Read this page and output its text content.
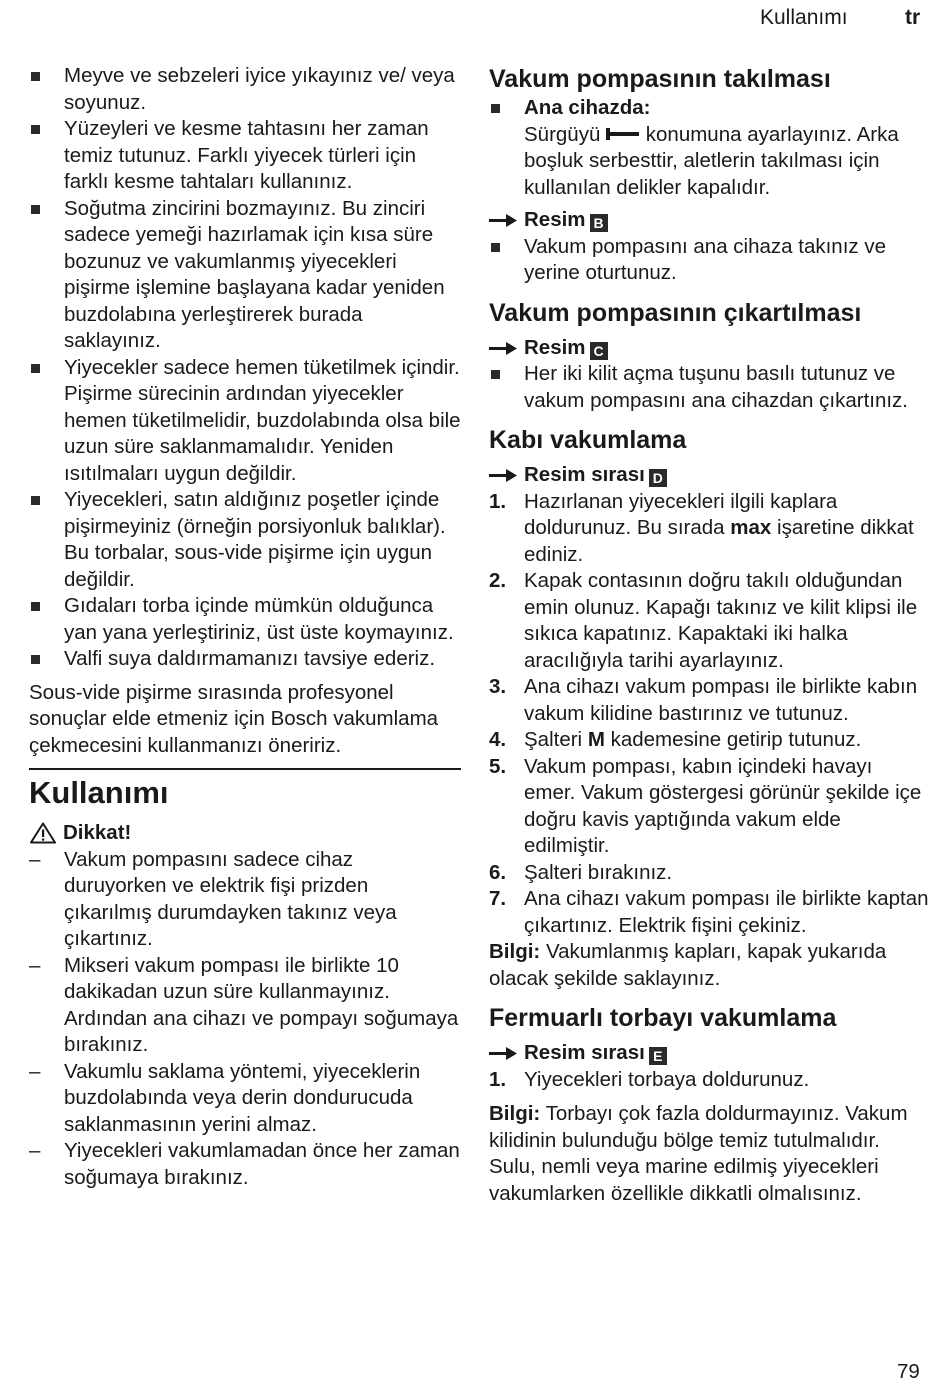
Kullanımı	tr
Meyve ve sebzeleri iyice yıkayınız ve/ veya soyunuz.
Yüzeyleri ve kesme tahtasını her zaman temiz tutunuz. Farklı yiyecek türleri için farklı kesme tahtaları kullanınız.
Soğutma zincirini bozmayınız. Bu zinciri sadece yemeği hazırlamak için kısa süre bozunuz ve vakumlanmış yiyecekleri pişirme işlemine başlayana kadar yeniden buzdolabına yerleştirerek burada saklayınız.
Yiyecekler sadece hemen tüketilmek içindir. Pişirme sürecinin ardından yiyecekler hemen tüketilmelidir, buzdolabında olsa bile uzun süre saklanmamalıdır. Yeniden ısıtılmaları uygun değildir.
Yiyecekleri, satın aldığınız poşetler içinde pişirmeyiniz (örneğin porsiyonluk balıklar). Bu torbalar, sous-vide pişirme için uygun değildir.
Gıdaları torba içinde mümkün olduğunca yan yana yerleştiriniz, üst üste koymayınız.
Valfi suya daldırmamanızı tavsiye ederiz.
Sous-vide pişirme sırasında profesyonel sonuçlar elde etmeniz için Bosch vakumlama çekmecesini kullanmanızı öneririz.
Kullanımı
Dikkat!
– Vakum pompasını sadece cihaz duruyorken ve elektrik fişi prizden çıkarılmış durumdayken takınız veya çıkartınız.
– Mikseri vakum pompası ile birlikte 10 dakikadan uzun süre kullanmayınız. Ardından ana cihazı ve pompayı soğumaya bırakınız.
– Vakumlu saklama yöntemi, yiyeceklerin buzdolabında veya derin dondurucuda saklanmasının yerini almaz.
– Yiyecekleri vakumlamadan önce her zaman soğumaya bırakınız.
Vakum pompasının takılması
Ana cihazda:
Sürgüyü konumuna ayarlayınız. Arka boşluk serbesttir, aletlerin takılması için kullanılan delikler kapalıdır.
Resim B
Vakum pompasını ana cihaza takınız ve yerine oturtunuz.
Vakum pompasının çıkartılması
Resim C
Her iki kilit açma tuşunu basılı tutunuz ve vakum pompasını ana cihazdan çıkartınız.
Kabı vakumlama
Resim sırası D
1. Hazırlanan yiyecekleri ilgili kaplara doldurunuz. Bu sırada max işaretine dikkat ediniz.
2. Kapak contasının doğru takılı olduğundan emin olunuz. Kapağı takınız ve kilit klipsi ile sıkıca kapatınız. Kapaktaki iki halka aracılığıyla tarihi ayarlayınız.
3. Ana cihazı vakum pompası ile birlikte kabın vakum kilidine bastırınız ve tutunuz.
4. Şalteri M kademesine getirip tutunuz.
5. Vakum pompası, kabın içindeki havayı emer. Vakum göstergesi görünür şekilde içe doğru kavis yaptığında vakum elde edilmiştir.
6. Şalteri bırakınız.
7. Ana cihazı vakum pompası ile birlikte kaptan çıkartınız. Elektrik fişini çekiniz.
Bilgi: Vakumlanmış kapları, kapak yukarıda olacak şekilde saklayınız.
Fermuarlı torbayı vakumlama
Resim sırası E
1. Yiyecekleri torbaya doldurunuz.
Bilgi: Torbayı çok fazla doldurmayınız. Vakum kilidinin bulunduğu bölge temiz tutulmalıdır. Sulu, nemli veya marine edilmiş yiyecekleri vakumlarken özellikle dikkatli olmalısınız.
79
